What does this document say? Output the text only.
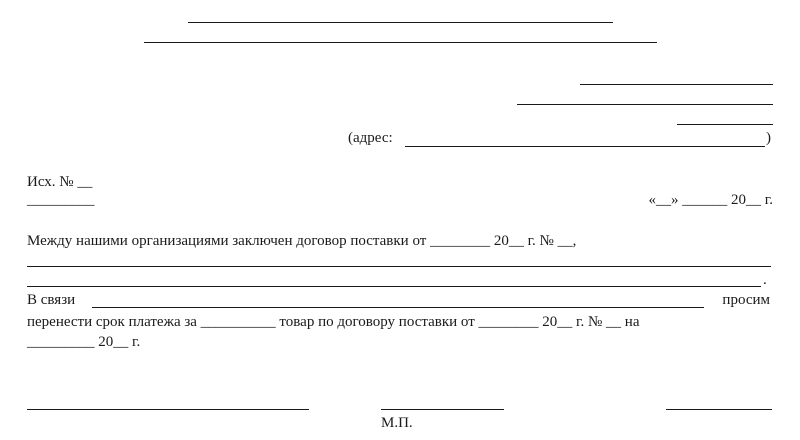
(адрес:	)
Исх. № __
_________	«__» ______ 20__ г.
Между нашими организациями заключен договор поставки от ________ 20__ г. № __,
.
В связи	просим
перенести срок платежа за __________ товар по договору поставки от ________ 20__ г. № __ на
_________ 20__ г.
М.П.
